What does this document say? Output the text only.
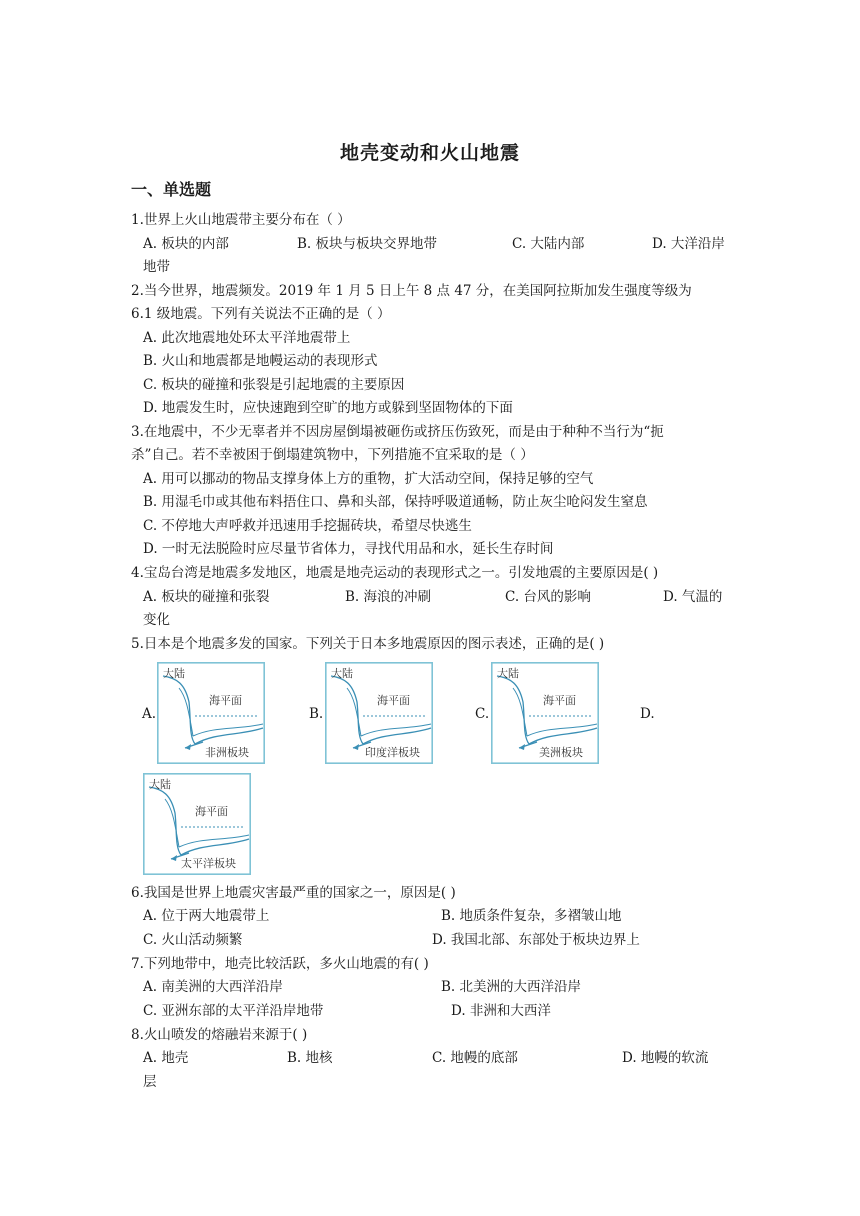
地壳变动和火山地震
一、单选题
1.世界上火山地震带主要分布在（ ）
A. 板块的内部	B. 板块与板块交界地带	C. 大陆内部	D. 大洋沿岸
地带
2.当今世界，地震频发。2019 年 1 月 5 日上午 8 点 47 分，在美国阿拉斯加发生强度等级为
6.1 级地震。下列有关说法不正确的是（ ）
A. 此次地震地处环太平洋地震带上
B. 火山和地震都是地幔运动的表现形式
C. 板块的碰撞和张裂是引起地震的主要原因
D. 地震发生时，应快速跑到空旷的地方或躲到坚固物体的下面
3.在地震中，不少无辜者并不因房屋倒塌被砸伤或挤压伤致死，而是由于种种不当行为“扼
杀”自己。若不幸被困于倒塌建筑物中，下列措施不宜采取的是（ ）
A. 用可以挪动的物品支撑身体上方的重物，扩大活动空间，保持足够的空气
B. 用湿毛巾或其他布料捂住口、鼻和头部，保持呼吸道通畅，防止灰尘呛闷发生窒息
C. 不停地大声呼救并迅速用手挖掘砖块，希望尽快逃生
D. 一时无法脱险时应尽量节省体力，寻找代用品和水，延长生存时间
4.宝岛台湾是地震多发地区，地震是地壳运动的表现形式之一。引发地震的主要原因是( )
A. 板块的碰撞和张裂	B. 海浪的冲刷	C. 台风的影响	D. 气温的
变化
5.日本是个地震多发的国家。下列关于日本多地震原因的图示表述，正确的是( )
A.	B.	C.	D.
大陆
海平面
非洲板块
大陆
海平面
印度洋板块
大陆
海平面
美洲板块
大陆
海平面
太平洋板块
6.我国是世界上地震灾害最严重的国家之一，原因是( )
A. 位于两大地震带上	B. 地质条件复杂，多褶皱山地
C. 火山活动频繁	D. 我国北部、东部处于板块边界上
7.下列地带中，地壳比较活跃，多火山地震的有( )
A. 南美洲的大西洋沿岸	B. 北美洲的大西洋沿岸
C. 亚洲东部的太平洋沿岸地带	D. 非洲和大西洋
8.火山喷发的熔融岩来源于( )
A. 地壳	B. 地核	C. 地幔的底部	D. 地幔的软流
层
